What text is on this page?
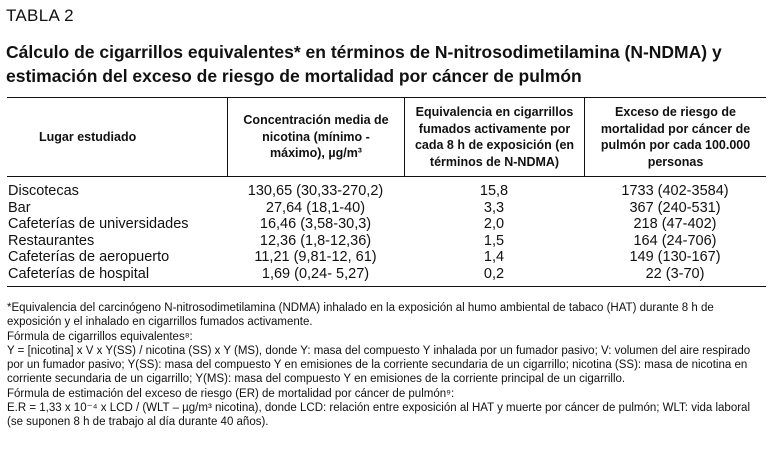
TABLA 2
Cálculo de cigarrillos equivalentes* en términos de N-nitrosodimetilamina (N-NDMA) y estimación del exceso de riesgo de mortalidad por cáncer de pulmón
Lugar estudiado
Concentración media de nicotina (mínimo - máximo), µg/m³
Equivalencia en cigarrillos fumados activamente por cada 8 h de exposición (en términos de N-NDMA)
Exceso de riesgo de mortalidad por cáncer de pulmón por cada 100.000 personas
Discotecas	130,65 (30,33-270,2)	15,8	1733 (402-3584)
Bar	27,64 (18,1-40)	3,3	367 (240-531)
Cafeterías de universidades	16,46 (3,58-30,3)	2,0	218 (47-402)
Restaurantes	12,36 (1,8-12,36)	1,5	164 (24-706)
Cafeterías de aeropuerto	11,21 (9,81-12, 61)	1,4	149 (130-167)
Cafeterías de hospital	1,69 (0,24- 5,27)	0,2	22 (3-70)

*Equivalencia del carcinógeno N-nitrosodimetilamina (NDMA) inhalado en la exposición al humo ambiental de tabaco (HAT) durante 8 h de exposición y el inhalado en cigarrillos fumados activamente.

Fórmula de cigarrillos equivalentes⁸:

Y = [nicotina] x V x Y(SS) / nicotina (SS) x Y (MS), donde Y: masa del compuesto Y inhalada por un fumador pasivo; V: volumen del aire respirado por un fumador pasivo; Y(SS): masa del compuesto Y en emisiones de la corriente secundaria de un cigarrillo; nicotina (SS): masa de nicotina en corriente secundaria de un cigarrillo; Y(MS): masa del compuesto Y en emisiones de la corriente principal de un cigarrillo.

Fórmula de estimación del exceso de riesgo (ER) de mortalidad por cáncer de pulmón⁹:

E.R = 1,33 x 10⁻⁴ x LCD / (WLT – µg/m³ nicotina), donde LCD: relación entre exposición al HAT y muerte por cáncer de pulmón; WLT: vida laboral (se suponen 8 h de trabajo al día durante 40 años).
